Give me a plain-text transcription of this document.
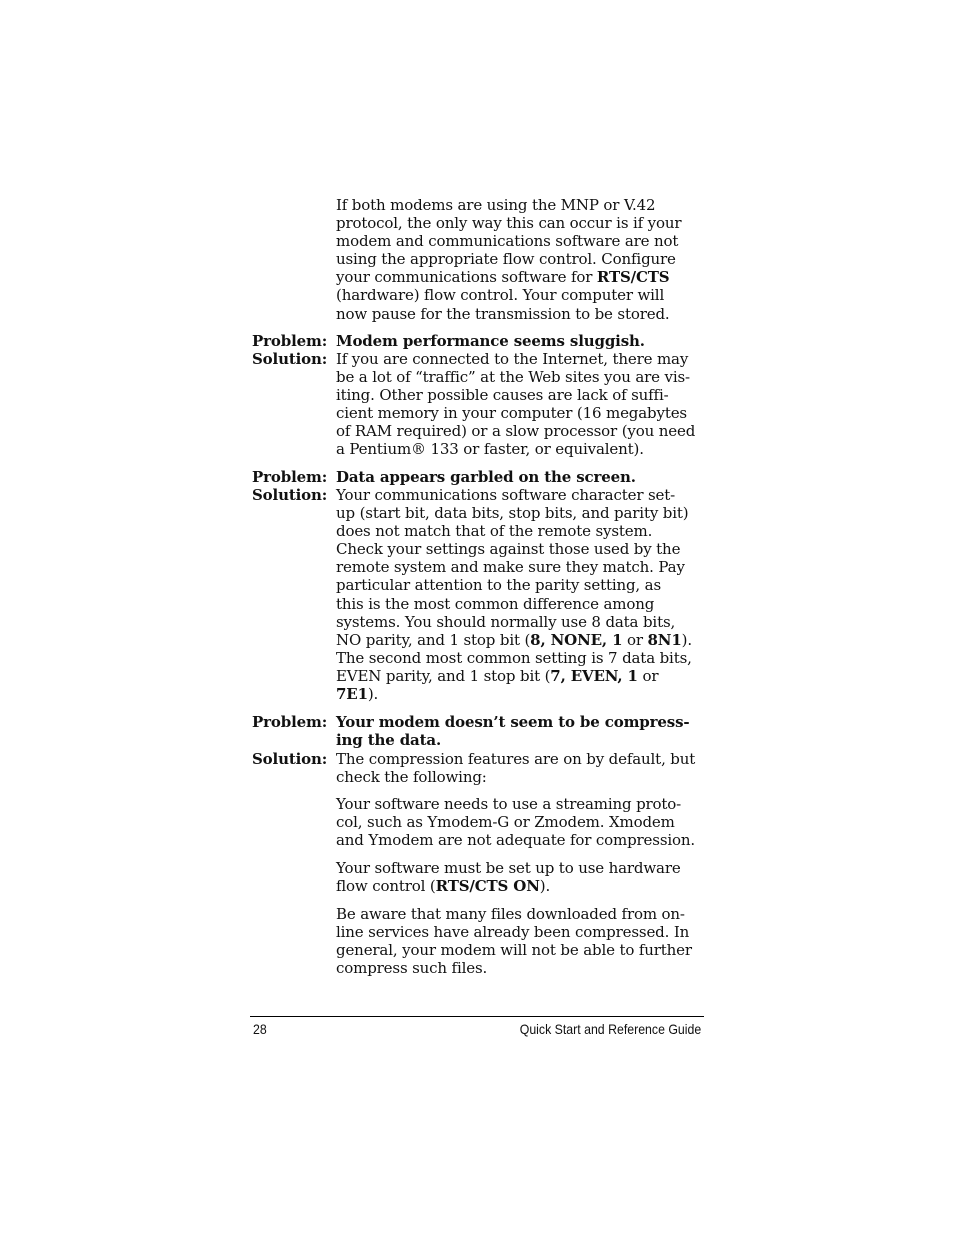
If both modems are using the MNP or V.42
protocol, the only way this can occur is if your
modem and communications software are not
using the appropriate flow control. Configure
your communications software for RTS/CTS
(hardware) flow control. Your computer will
now pause for the transmission to be stored.

Problem: Modem performance seems sluggish.
Solution: If you are connected to the Internet, there may
be a lot of “traffic” at the Web sites you are vis-
iting. Other possible causes are lack of suffi-
cient memory in your computer (16 megabytes
of RAM required) or a slow processor (you need
a Pentium® 133 or faster, or equivalent).

Problem: Data appears garbled on the screen.
Solution: Your communications software character set-
up (start bit, data bits, stop bits, and parity bit)
does not match that of the remote system.
Check your settings against those used by the
remote system and make sure they match. Pay
particular attention to the parity setting, as
this is the most common difference among
systems. You should normally use 8 data bits,
NO parity, and 1 stop bit (8, NONE, 1 or 8N1).
The second most common setting is 7 data bits,
EVEN parity, and 1 stop bit (7, EVEN, 1 or
7E1).

Problem: Your modem doesn’t seem to be compress-
ing the data.

Solution: The compression features are on by default, but
check the following:

Your software needs to use a streaming proto-
col, such as Ymodem-G or Zmodem. Xmodem
and Ymodem are not adequate for compression.

Your software must be set up to use hardware
flow control (RTS/CTS ON).

Be aware that many files downloaded from on-
line services have already been compressed. In
general, your modem will not be able to further
compress such files.

28	Quick Start and Reference Guide
